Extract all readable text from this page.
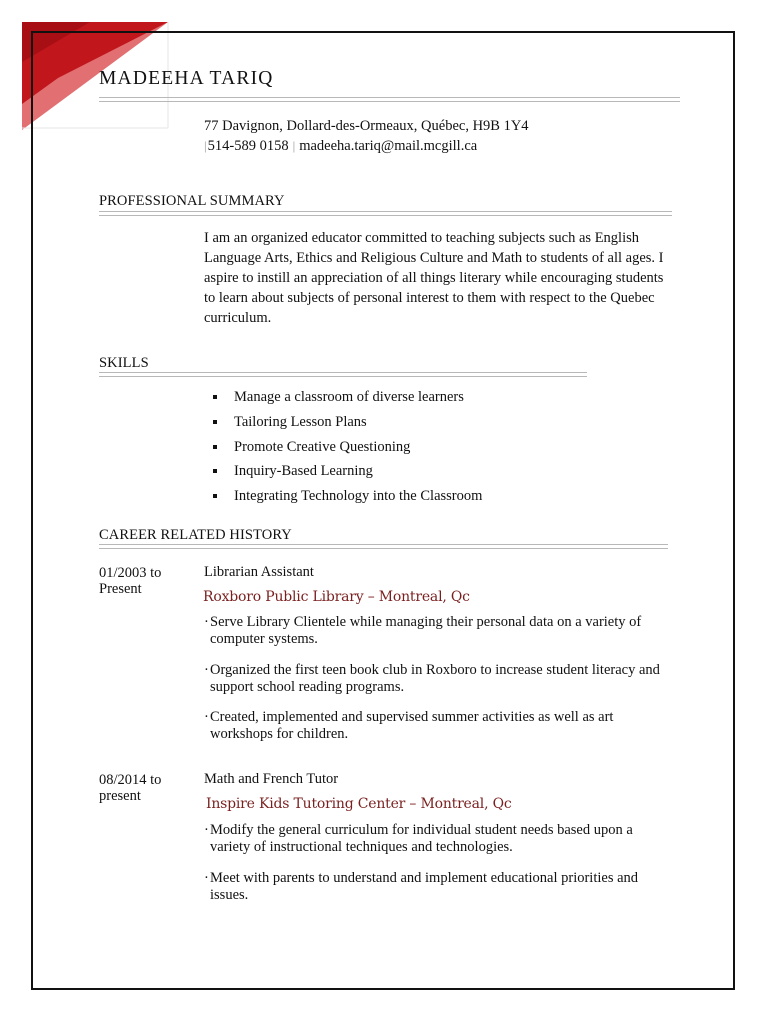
MADEEHA TARIQ
77 Davignon, Dollard-des-Ormeaux, Québec, H9B 1Y4
|514-589 0158 | madeeha.tariq@mail.mcgill.ca
PROFESSIONAL SUMMARY

I am an organized educator committed to teaching subjects such as English Language Arts, Ethics and Religious Culture and Math to students of all ages. I aspire to instill an appreciation of all things literary while encouraging students to learn about subjects of personal interest to them with respect to the Quebec curriculum.

SKILLS
Manage a classroom of diverse learners
Tailoring Lesson Plans
Promote Creative Questioning
Inquiry-Based Learning
Integrating Technology into the Classroom
CAREER RELATED HISTORY
01/2003 to
Present
Librarian Assistant
Roxboro Public Library – Montreal, Qc
· Serve Library Clientele while managing their personal data on a variety of computer systems.
· Organized the first teen book club in Roxboro to increase student literacy and support school reading programs.
· Created, implemented and supervised summer activities as well as art workshops for children.
08/2014 to
present
Math and French Tutor
Inspire Kids Tutoring Center – Montreal, Qc
· Modify the general curriculum for individual student needs based upon a variety of instructional techniques and technologies.
· Meet with parents to understand and implement educational priorities and issues.
